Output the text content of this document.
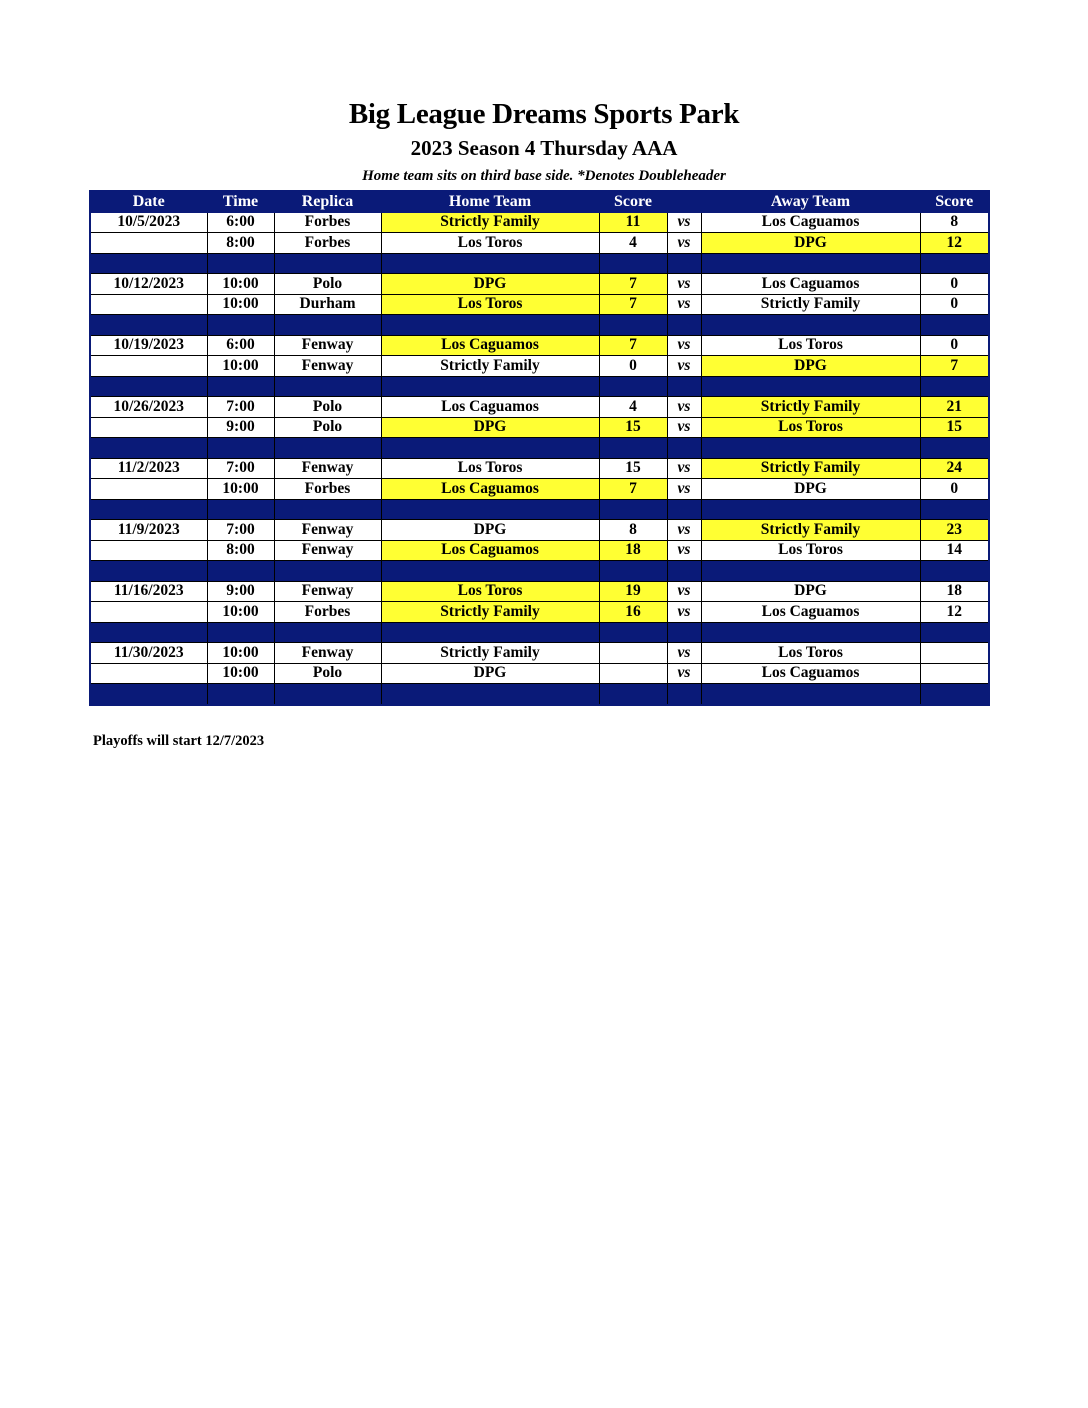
Big League Dreams Sports Park
2023 Season 4 Thursday AAA
Home team sits on third base side. *Denotes Doubleheader
Date	Time	Replica	Home Team	Score		Away Team	Score
10/5/2023	6:00	Forbes	Strictly Family	11	vs	Los Caguamos	8
	8:00	Forbes	Los Toros	4	vs	DPG	12

10/12/2023	10:00	Polo	DPG	7	vs	Los Caguamos	0
	10:00	Durham	Los Toros	7	vs	Strictly Family	0

10/19/2023	6:00	Fenway	Los Caguamos	7	vs	Los Toros	0
	10:00	Fenway	Strictly Family	0	vs	DPG	7

10/26/2023	7:00	Polo	Los Caguamos	4	vs	Strictly Family	21
	9:00	Polo	DPG	15	vs	Los Toros	15

11/2/2023	7:00	Fenway	Los Toros	15	vs	Strictly Family	24
	10:00	Forbes	Los Caguamos	7	vs	DPG	0

11/9/2023	7:00	Fenway	DPG	8	vs	Strictly Family	23
	8:00	Fenway	Los Caguamos	18	vs	Los Toros	14

11/16/2023	9:00	Fenway	Los Toros	19	vs	DPG	18
	10:00	Forbes	Strictly Family	16	vs	Los Caguamos	12

11/30/2023	10:00	Fenway	Strictly Family		vs	Los Toros	
	10:00	Polo	DPG		vs	Los Caguamos	

Playoffs will start 12/7/2023
